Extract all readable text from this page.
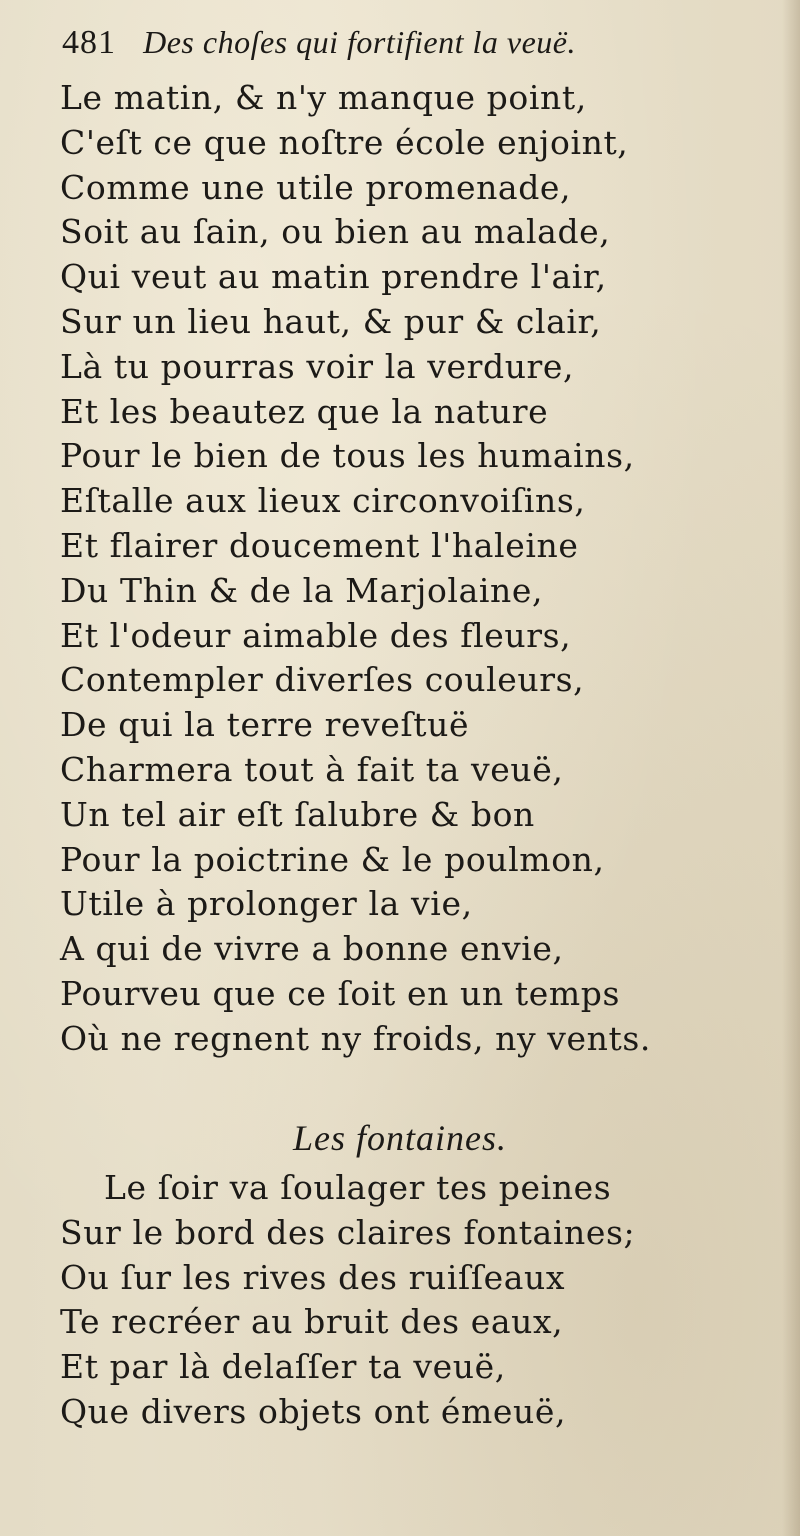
481 Des choſes qui fortifient la veuë.
Le matin, & n'y manque point,
C'eſt ce que noſtre école enjoint,
Comme une utile promenade,
Soit au ſain, ou bien au malade,
Qui veut au matin prendre l'air,
Sur un lieu haut, & pur & clair,
Là tu pourras voir la verdure,
Et les beautez que la nature
Pour le bien de tous les humains,
Eſtalle aux lieux circonvoiſins,
Et flairer doucement l'haleine
Du Thin & de la Marjolaine,
Et l'odeur aimable des fleurs,
Contempler diverſes couleurs,
De qui la terre reveſtuë
Charmera tout à fait ta veuë,
Un tel air eſt ſalubre & bon
Pour la poictrine & le poulmon,
Utile à prolonger la vie,
A qui de vivre a bonne envie,
Pourveu que ce ſoit en un temps
Où ne regnent ny froids, ny vents.
Les fontaines.
Le ſoir va ſoulager tes peines
Sur le bord des claires fontaines;
Ou ſur les rives des ruiſſeaux
Te recréer au bruit des eaux,
Et par là delaſſer ta veuë,
Que divers objets ont émeuë,
